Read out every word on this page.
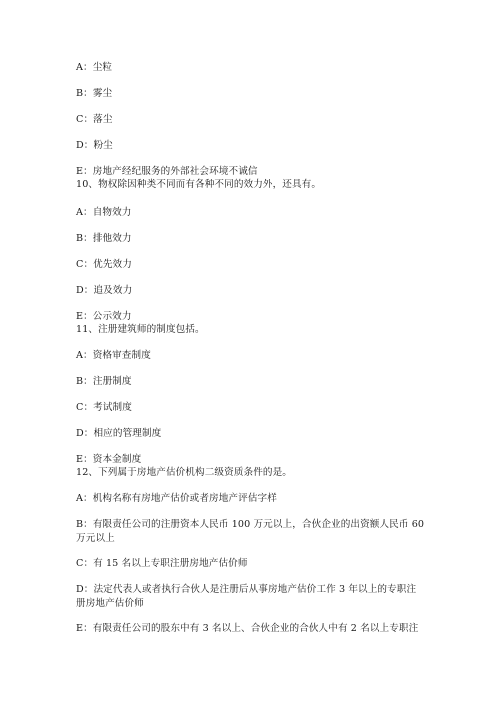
A：尘粒
B：雾尘
C：落尘
D：粉尘
E：房地产经纪服务的外部社会环境不诚信
10、物权除因种类不同而有各种不同的效力外，还具有。
A：自物效力
B：排他效力
C：优先效力
D：追及效力
E：公示效力
11、注册建筑师的制度包括。
A：资格审查制度
B：注册制度
C：考试制度
D：相应的管理制度
E：资本金制度
12、下列属于房地产估价机构二级资质条件的是。
A：机构名称有房地产估价或者房地产评估字样
B：有限责任公司的注册资本人民币 100 万元以上，合伙企业的出资额人民币 60
万元以上
C：有 15 名以上专职注册房地产估价师
D：法定代表人或者执行合伙人是注册后从事房地产估价工作 3 年以上的专职注
册房地产估价师
E：有限责任公司的股东中有 3 名以上、合伙企业的合伙人中有 2 名以上专职注
